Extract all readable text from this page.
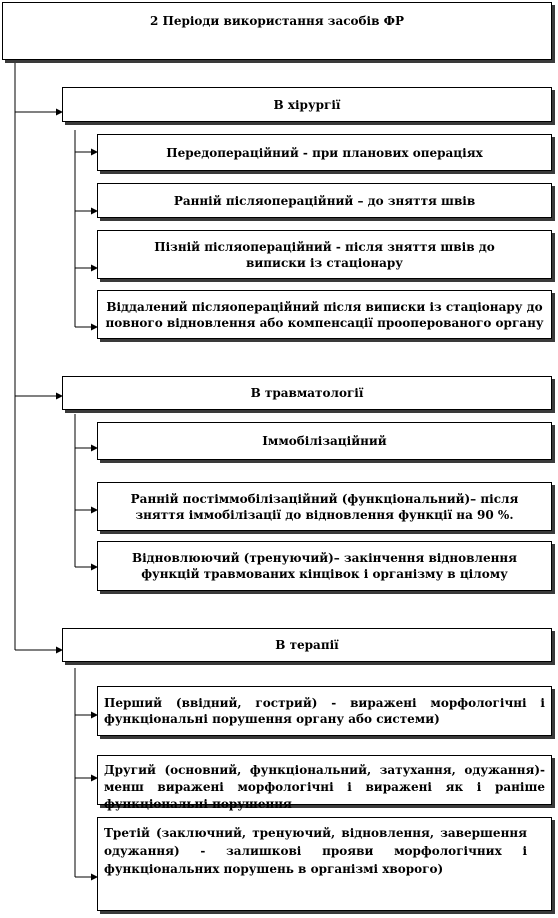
2 Періоди використання засобів ФР
В хірургії
Передопераційний - при планових операціях
Ранній післяопераційний – до зняття швів
Пізній післяопераційний - після зняття швів до виписки із стаціонару
Віддалений післяопераційний після виписки із стаціонару до повного відновлення або компенсації прооперованого органу
В травматології
Іммобілізаційний
Ранній постіммобілізаційний (функціональний)– після зняття іммобілізації до відновлення функції на 90 %.
Відновлюючий (тренуючий)– закінчення відновлення функцій травмованих кінцівок і організму в цілому
В терапії
Перший (ввідний, гострий) - виражені морфологічні і функціональні порушення органу або системи)
Другий (основний, функціональний, затухання, одужання)- менш виражені морфологічні і виражені як і раніше функціональні порушення
Третій (заключний, тренуючий, відновлення, завершення одужання) - залишкові прояви морфологічних і функціональних порушень в організмі хворого)
